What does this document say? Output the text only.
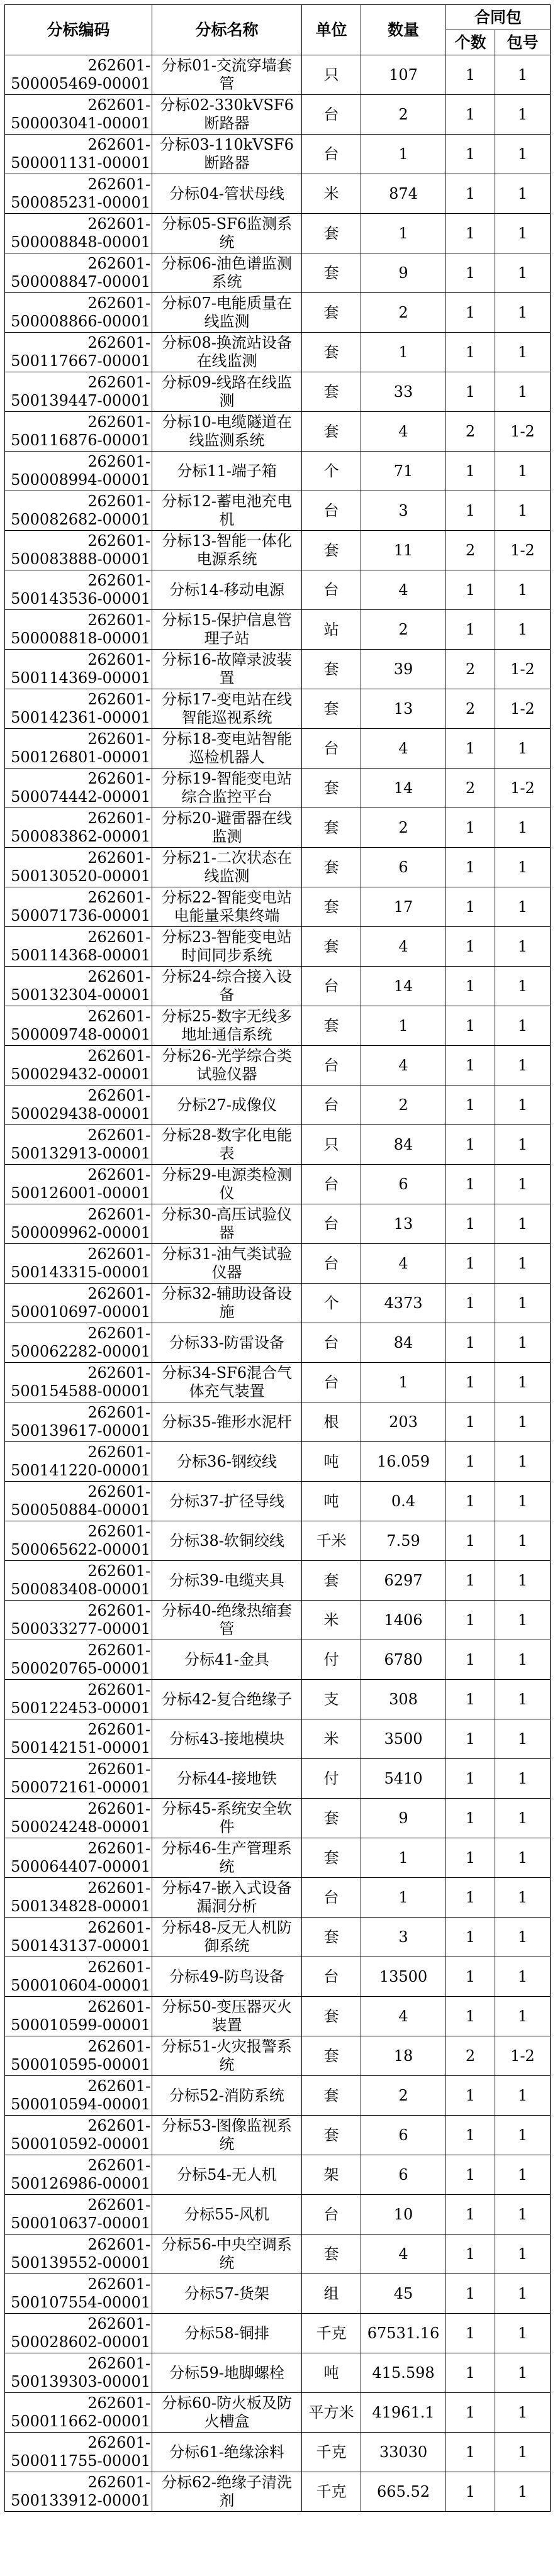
分标编码	分标名称	单位	数量	合同包	
				个数	包号
262601-
500005469-00001	分标01-交流穿墙套管	只	107	1	1
262601-
500003041-00001	分标02-330kVSF6断路器	台	2	1	1
262601-
500001131-00001	分标03-110kVSF6断路器	台	1	1	1
262601-
500085231-00001	分标04-管状母线	米	874	1	1
262601-
500008848-00001	分标05-SF6监测系统	套	1	1	1
262601-
500008847-00001	分标06-油色谱监测系统	套	9	1	1
262601-
500008866-00001	分标07-电能质量在线监测	套	2	1	1
262601-
500117667-00001	分标08-换流站设备在线监测	套	1	1	1
262601-
500139447-00001	分标09-线路在线监测	套	33	1	1
262601-
500116876-00001	分标10-电缆隧道在线监测系统	套	4	2	1-2
262601-
500008994-00001	分标11-端子箱	个	71	1	1
262601-
500082682-00001	分标12-蓄电池充电机	台	3	1	1
262601-
500083888-00001	分标13-智能一体化电源系统	套	11	2	1-2
262601-
500143536-00001	分标14-移动电源	台	4	1	1
262601-
500008818-00001	分标15-保护信息管理子站	站	2	1	1
262601-
500114369-00001	分标16-故障录波装置	套	39	2	1-2
262601-
500142361-00001	分标17-变电站在线智能巡视系统	套	13	2	1-2
262601-
500126801-00001	分标18-变电站智能巡检机器人	台	4	1	1
262601-
500074442-00001	分标19-智能变电站综合监控平台	套	14	2	1-2
262601-
500083862-00001	分标20-避雷器在线监测	套	2	1	1
262601-
500130520-00001	分标21-二次状态在线监测	套	6	1	1
262601-
500071736-00001	分标22-智能变电站电能量采集终端	套	17	1	1
262601-
500114368-00001	分标23-智能变电站时间同步系统	套	4	1	1
262601-
500132304-00001	分标24-综合接入设备	台	14	1	1
262601-
500009748-00001	分标25-数字无线多地址通信系统	套	1	1	1
262601-
500029432-00001	分标26-光学综合类试验仪器	台	4	1	1
262601-
500029438-00001	分标27-成像仪	台	2	1	1
262601-
500132913-00001	分标28-数字化电能表	只	84	1	1
262601-
500126001-00001	分标29-电源类检测仪	台	6	1	1
262601-
500009962-00001	分标30-高压试验仪器	台	13	1	1
262601-
500143315-00001	分标31-油气类试验仪器	台	4	1	1
262601-
500010697-00001	分标32-辅助设备设施	个	4373	1	1
262601-
500062282-00001	分标33-防雷设备	台	84	1	1
262601-
500154588-00001	分标34-SF6混合气体充气装置	台	1	1	1
262601-
500139617-00001	分标35-锥形水泥杆	根	203	1	1
262601-
500141220-00001	分标36-钢绞线	吨	16.059	1	1
262601-
500050884-00001	分标37-扩径导线	吨	0.4	1	1
262601-
500065622-00001	分标38-软铜绞线	千米	7.59	1	1
262601-
500083408-00001	分标39-电缆夹具	套	6297	1	1
262601-
500033277-00001	分标40-绝缘热缩套管	米	1406	1	1
262601-
500020765-00001	分标41-金具	付	6780	1	1
262601-
500122453-00001	分标42-复合绝缘子	支	308	1	1
262601-
500142151-00001	分标43-接地模块	米	3500	1	1
262601-
500072161-00001	分标44-接地铁	付	5410	1	1
262601-
500024248-00001	分标45-系统安全软件	套	9	1	1
262601-
500064407-00001	分标46-生产管理系统	套	1	1	1
262601-
500134828-00001	分标47-嵌入式设备漏洞分析	台	1	1	1
262601-
500143137-00001	分标48-反无人机防御系统	套	3	1	1
262601-
500010604-00001	分标49-防鸟设备	台	13500	1	1
262601-
500010599-00001	分标50-变压器灭火装置	套	4	1	1
262601-
500010595-00001	分标51-火灾报警系统	套	18	2	1-2
262601-
500010594-00001	分标52-消防系统	套	2	1	1
262601-
500010592-00001	分标53-图像监视系统	套	6	1	1
262601-
500126986-00001	分标54-无人机	架	6	1	1
262601-
500010637-00001	分标55-风机	台	10	1	1
262601-
500139552-00001	分标56-中央空调系统	套	4	1	1
262601-
500107554-00001	分标57-货架	组	45	1	1
262601-
500028602-00001	分标58-铜排	千克	67531.16	1	1
262601-
500139303-00001	分标59-地脚螺栓	吨	415.598	1	1
262601-
500011662-00001	分标60-防火板及防火槽盒	平方米	41961.1	1	1
262601-
500011755-00001	分标61-绝缘涂料	千克	33030	1	1
262601-
500133912-00001	分标62-绝缘子清洗剂	千克	665.52	1	1
